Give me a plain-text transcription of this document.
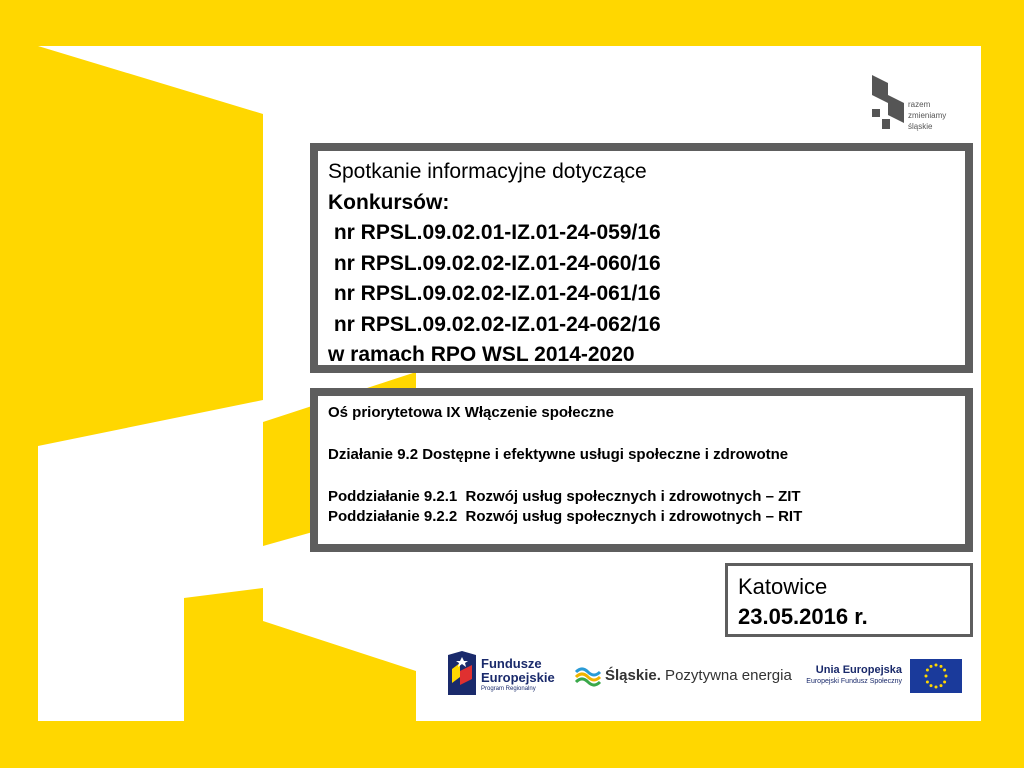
razem
zmieniamy
śląskie
Spotkanie informacyjne dotyczące
Konkursów:
nr RPSL.09.02.01-IZ.01-24-059/16
nr RPSL.09.02.02-IZ.01-24-060/16
nr RPSL.09.02.02-IZ.01-24-061/16
nr RPSL.09.02.02-IZ.01-24-062/16
w ramach RPO WSL 2014-2020
Oś priorytetowa IX Włączenie społeczne
Działanie 9.2 Dostępne i efektywne usługi społeczne i zdrowotne
Poddziałanie 9.2.1  Rozwój usług społecznych i zdrowotnych – ZIT
Poddziałanie 9.2.2  Rozwój usług społecznych i zdrowotnych – RIT
Katowice
23.05.2016 r.
Fundusze
Europejskie
Program Regionalny
Śląskie. Pozytywna energia	Unia Europejska
Europejski Fundusz Społeczny
